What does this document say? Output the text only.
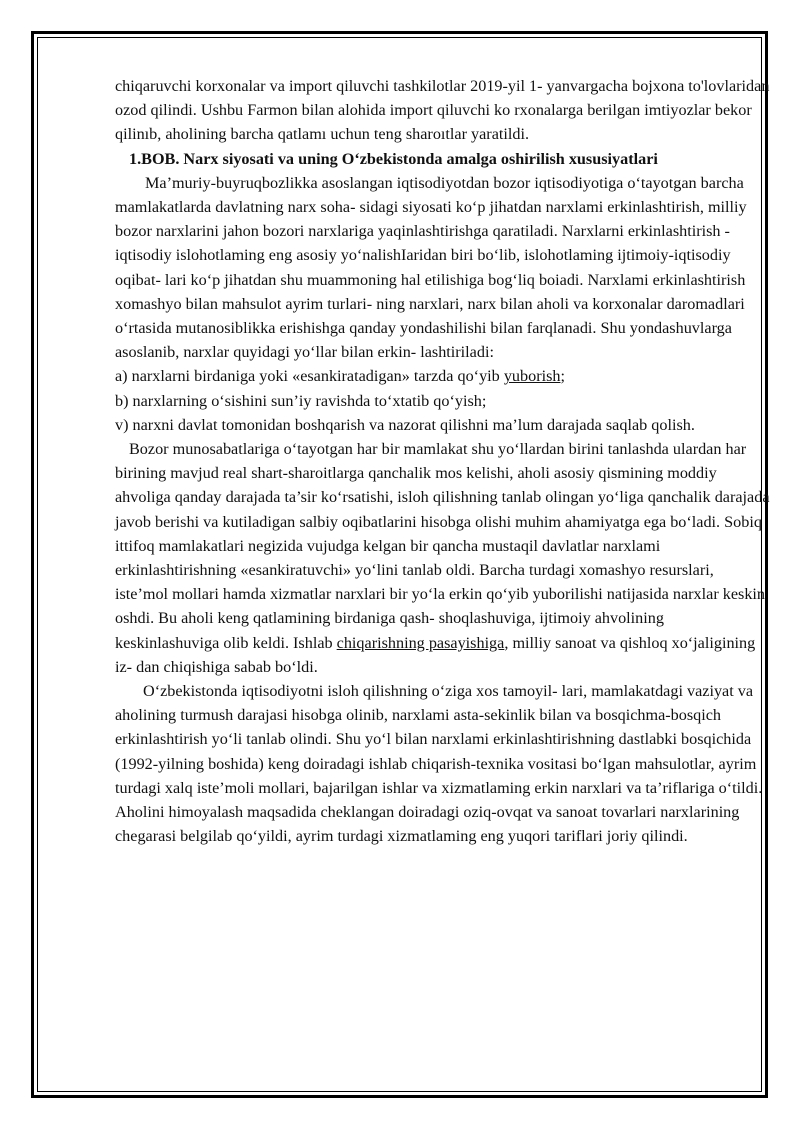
chiqaruvchi korxonalar va import qiluvchi tashkilotlar 2019-yil 1- yanvargacha bojxona to'lovlaridan ozod qilindi. Ushbu Farmon bilan alohida import qiluvchi ko rxonalarga berilgan imtiyozlar bekor qilinıb, aholining barcha qatlamı uchun teng sharoıtlar yaratildi.

1.BOB. Narx siyosati va uning O‘zbekistonda amalga oshirilish xususiyatlari

Ma’muriy-buyruqbozlikka asoslangan iqtisodiyotdan bozor iqtisodiyotiga o‘tayotgan barcha mamlakatlarda davlatning narx soha- sidagi siyosati ko‘p jihatdan narxlami erkinlashtirish, milliy bozor narxlarini jahon bozori narxlariga yaqinlashtirishga qaratiladi. Narxlarni erkinlashtirish - iqtisodiy islohotlaming eng asosiy yo‘nalishIaridan biri bo‘lib, islohotlaming ijtimoiy-iqtisodiy oqibat- lari ko‘p jihatdan shu muammoning hal etilishiga bog‘liq boiadi. Narxlami erkinlashtirish xomashyo bilan mahsulot ayrim turlari- ning narxlari, narx bilan aholi va korxonalar daromadlari o‘rtasida mutanosiblikka erishishga qanday yondashilishi bilan farqlanadi. Shu yondashuvlarga asoslanib, narxlar quyidagi yo‘llar bilan erkin- lashtiriladi:

a) narxlarni birdaniga yoki «esankiratadigan» tarzda qo‘yib yuborish;

b) narxlarning o‘sishini sun’iy ravishda to‘xtatib qo‘yish;

v) narxni davlat tomonidan boshqarish va nazorat qilishni ma’lum darajada saqlab qolish.

Bozor munosabatlariga o‘tayotgan har bir mamlakat shu yo‘llardan birini tanlashda ulardan har birining mavjud real shart-sharoitlarga qanchalik mos kelishi, aholi asosiy qismining moddiy ahvoliga qanday darajada ta’sir ko‘rsatishi, isloh qilishning tanlab olingan yo‘liga qanchalik darajada javob berishi va kutiladigan salbiy oqibatlarini hisobga olishi muhim ahamiyatga ega bo‘ladi. Sobiq ittifoq mamlakatlari negizida vujudga kelgan bir qancha mustaqil davlatlar narxlami erkinlashtirishning «esankiratuvchi» yo‘lini tanlab oldi. Barcha turdagi xomashyo resurslari, iste’mol mollari hamda xizmatlar narxlari bir yo‘la erkin qo‘yib yuborilishi natijasida narxlar keskin oshdi. Bu aholi keng qatlamining birdaniga qash- shoqlashuviga, ijtimoiy ahvolining keskinlashuviga olib keldi. Ishlab chiqarishning pasayishiga, milliy sanoat va qishloq xo‘jaligining iz- dan chiqishiga sabab bo‘ldi.

O‘zbekistonda iqtisodiyotni isloh qilishning o‘ziga xos tamoyil- lari, mamlakatdagi vaziyat va aholining turmush darajasi hisobga olinib, narxlami asta-sekinlik bilan va bosqichma-bosqich erkinlashtirish yo‘li tanlab olindi. Shu yo‘l bilan narxlami erkinlashtirishning dastlabki bosqichida (1992-yilning boshida) keng doiradagi ishlab chiqarish-texnika vositasi bo‘lgan mahsulotlar, ayrim turdagi xalq iste’moli mollari, bajarilgan ishlar va xizmatlaming erkin narxlari va ta’riflariga o‘tildi. Aholini himoyalash maqsadida cheklangan doiradagi oziq-ovqat va sanoat tovarlari narxlarining chegarasi belgilab qo‘yildi, ayrim turdagi xizmatlaming eng yuqori tariflari joriy qilindi.
